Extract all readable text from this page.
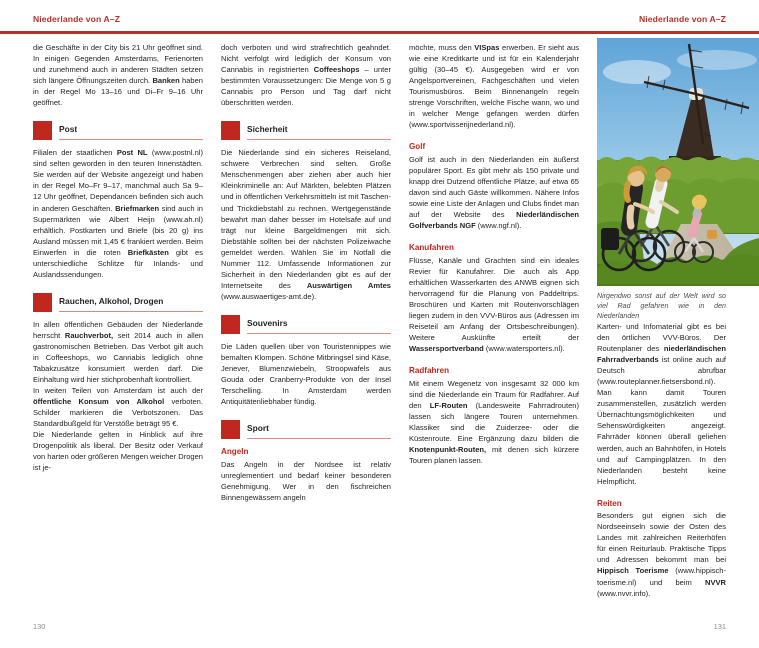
Niederlande von A–Z	Niederlande von A–Z

die Geschäfte in der City bis 21 Uhr geöffnet sind. In einigen Gegenden Amsterdams, Ferienorten und zunehmend auch in anderen Städten setzen sich längere Öffnungszeiten durch. Banken haben in der Regel Mo 13–16 und Di–Fr 9–16 Uhr geöffnet.

Post

Filialen der staatlichen Post NL (www.postnl.nl) sind selten geworden in den teuren Innenstädten. Sie werden auf der Website angezeigt und haben in der Regel Mo–Fr 9–17, manchmal auch Sa 9–12 Uhr geöffnet, Dependancen befinden sich auch in anderen Geschäften. Briefmarken sind auch in Supermärkten wie Albert Heijn (www.ah.nl) erhältlich. Postkarten und Briefe (bis 20 g) ins Ausland müssen mit 1,45 € frankiert werden. Beim Einwerfen in die roten Briefkästen gibt es unterschiedliche Schlitze für Inlands- und Auslandssendungen.

Rauchen, Alkohol, Drogen

In allen öffentlichen Gebäuden der Niederlande herrscht Rauchverbot, seit 2014 auch in allen gastronomischen Betrieben. Das Verbot gilt auch in Coffeeshops, wo Cannabis lediglich ohne Tabakzusätze konsumiert werden darf. Die Einhaltung wird hier stichprobenhaft kontrolliert.

In weiten Teilen von Amsterdam ist auch der öffentliche Konsum von Alkohol verboten. Schilder markieren die Verbotszonen. Das Standardbußgeld für Verstöße beträgt 95 €.

Die Niederlande gelten in Hinblick auf ihre Drogenpolitik als liberal. Der Besitz oder Verkauf von harten oder größeren Mengen weicher Drogen ist je-

doch verboten und wird strafrechtlich geahndet. Nicht verfolgt wird lediglich der Konsum von Cannabis in registrierten Coffeeshops – unter bestimmten Voraussetzungen: Die Menge von 5 g Cannabis pro Person und Tag darf nicht überschritten werden.

Sicherheit

Die Niederlande sind ein sicheres Reiseland, schwere Verbrechen sind selten. Große Menschenmengen aber ziehen aber auch hier Kleinkriminelle an: Auf Märkten, belebten Plätzen und in öffentlichen Verkehrsmitteln ist mit Taschen- und Trickdiebstahl zu rechnen. Wertgegenstände bewahrt man daher besser im Hotelsafe auf und trägt nur kleine Bargeldmengen mit sich. Diebstähle sollten bei der nächsten Polizeiwache gemeldet werden. Wählen Sie im Notfall die Nummer 112. Umfassende Informationen zur Sicherheit in den Niederlanden gibt es auf der Internetseite des Auswärtigen Amtes (www.auswaertiges-amt.de).

Souvenirs

Die Läden quellen über von Touristennippes wie bemalten Klompen. Schöne Mitbringsel sind Käse, Jenever, Blumenzwiebeln, Stroopwafels aus Gouda oder Cranberry-Produkte von der Insel Terschelling. In Amsterdam werden Antiquitätenliebhaber fündig.

Sport
Angeln

Das Angeln in der Nordsee ist relativ unreglementiert und bedarf keiner besonderen Genehmigung. Wer in den fischreichen Binnengewässern angeln

möchte, muss den VISpas erwerben. Er sieht aus wie eine Kreditkarte und ist für ein Kalenderjahr gültig (30–45 €). Ausgegeben wird er von Angelsportvereinen, Fachgeschäften und vielen Tourismusbüros. Beim Binnenangeln regeln strenge Vorschriften, welche Fische wann, wo und in welcher Menge gefangen werden dürfen (www.sportvisserijnederland.nl).

Golf

Golf ist auch in den Niederlanden ein äußerst populärer Sport. Es gibt mehr als 150 private und knapp drei Dutzend öffentliche Plätze, auf etwa 65 davon sind auch Gäste willkommen. Nähere Infos sowie eine Liste der Anlagen und Clubs findet man auf der Website des Niederländischen Golfverbands NGF (www.ngf.nl).

Kanufahren

Flüsse, Kanäle und Grachten sind ein ideales Revier für Kanufahrer. Die auch als App erhältlichen Wasserkarten des ANWB eignen sich hervorragend für die Planung von Paddeltrips. Broschüren und Karten mit Routenvorschlägen liegen zudem in den VVV-Büros aus (Adressen im Reiseteil am Anfang der Ortsbeschreibungen). Weitere Auskünfte erteilt der Wassersportverband (www.watersporters.nl).

Radfahren

Mit einem Wegenetz von insgesamt 32 000 km sind die Niederlande ein Traum für Radfahrer. Auf den LF-Routen (Landesweite Fahrradrouten) lassen sich längere Touren unternehmen. Klassiker sind die Zuiderzee- oder die Küstenroute. Eine Ergänzung dazu bilden die Knotenpunkt-Routen, mit denen sich kürzere Touren planen lassen.

Nirgendwo sonst auf der Welt wird so viel Rad gefahren wie in den Niederlanden

Karten- und Infomaterial gibt es bei den örtlichen VVV-Büros. Der Routenplaner des niederländischen Fahrradverbands ist online auch auf Deutsch abrufbar (www.routeplanner.fietsersbond.nl). Man kann damit Touren zusammenstellen, zusätzlich werden Übernachtungsmöglichkeiten und Sehenswürdigkeiten angezeigt. Fahrräder können überall geliehen werden, auch an Bahnhöfen, in Hotels und auf Campingplätzen. In den Niederlanden besteht keine Helmpflicht.

Reiten

Besonders gut eignen sich die Nordseeinseln sowie der Osten des Landes mit zahlreichen Reiterhöfen für einen Reiturlaub. Praktische Tipps und Adressen bekommt man bei Hippisch Toerisme (www.hippisch-toerisme.nl) und beim NVVR (www.nvvr.info).

130	131
